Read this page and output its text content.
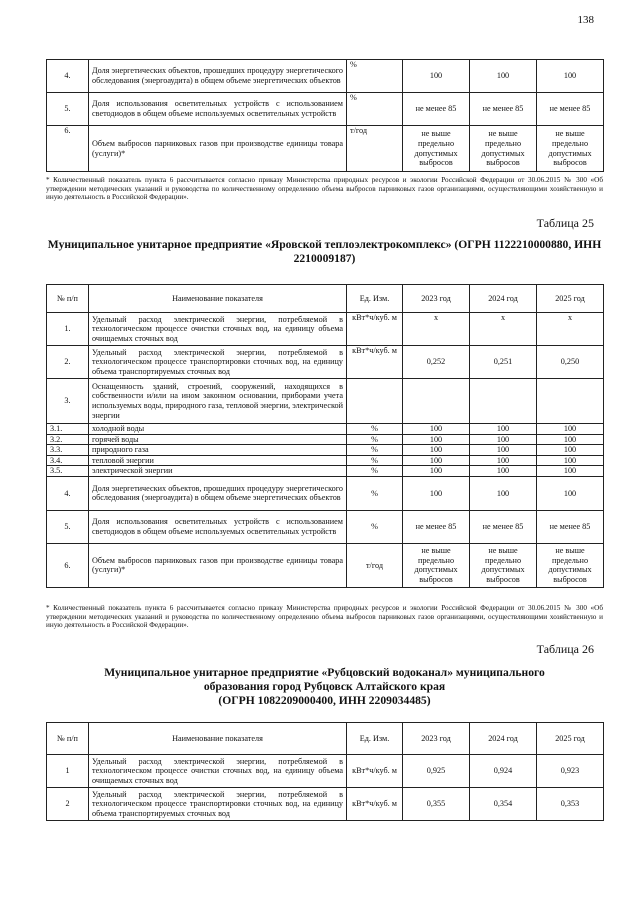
138
4.	Доля энергетических объектов, прошедших процедуру энергетического обследования (энергоаудита) в общем объеме энергетических объектов	%	100	100	100
5.	Доля использования осветительных устройств с использованием светодиодов в общем объеме используемых осветительных устройств	%	не менее 85	не менее 85	не менее 85
6.	Объем выбросов парниковых газов при производстве единицы товара (услуги)*	т/год	не выше предельно допустимых выбросов	не выше предельно допустимых выбросов	не выше предельно допустимых выбросов
* Количественный показатель пункта 6 рассчитывается согласно приказу Министерства природных ресурсов и экологии Российской Федерации от 30.06.2015 № 300 «Об утверждении методических указаний и руководства по количественному определению объема выбросов парниковых газов организациями, осуществляющими хозяйственную и иную деятельность в Российской Федерации».
Таблица 25
Муниципальное унитарное предприятие «Яровской теплоэлектрокомплекс» (ОГРН 1122210000880, ИНН 2210009187)
№ п/п	Наименование показателя	Ед. Изм.	2023 год	2024 год	2025 год
1.	Удельный расход электрической энергии, потребляемой в технологическом процессе очистки сточных вод, на единицу объема очищаемых сточных вод	кВт*ч/куб. м	х	х	х
2.	Удельный расход электрической энергии, потребляемой в технологическом процессе транспортировки сточных вод, на единицу объема транспортируемых сточных вод	кВт*ч/куб. м	0,252	0,251	0,250
3.	Оснащенность зданий, строений, сооружений, находящихся в собственности и/или на ином законном основании, приборами учета используемых воды, природного газа, тепловой энергии, электрической энергии				
3.1.	холодной воды	%	100	100	100
3.2.	горячей воды	%	100	100	100
3.3.	природного газа	%	100	100	100
3.4.	тепловой энергии	%	100	100	100
3.5.	электрической энергии	%	100	100	100
4.	Доля энергетических объектов, прошедших процедуру энергетического обследования (энергоаудита) в общем объеме энергетических объектов	%	100	100	100
5.	Доля использования осветительных устройств с использованием светодиодов в общем объеме используемых осветительных устройств	%	не менее 85	не менее 85	не менее 85
6.	Объем выбросов парниковых газов при производстве единицы товара (услуги)*	т/год	не выше предельно допустимых выбросов	не выше предельно допустимых выбросов	не выше предельно допустимых выбросов
* Количественный показатель пункта 6 рассчитывается согласно приказу Министерства природных ресурсов и экологии Российской Федерации от 30.06.2015 № 300 «Об утверждении методических указаний и руководства по количественному определению объема выбросов парниковых газов организациями, осуществляющими хозяйственную и иную деятельность в Российской Федерации».
Таблица 26
Муниципальное унитарное предприятие «Рубцовский водоканал» муниципального
образования город Рубцовск Алтайского края
(ОГРН 1082209000400, ИНН 2209034485)
№ п/п	Наименование показателя	Ед. Изм.	2023 год	2024 год	2025 год
1	Удельный расход электрической энергии, потребляемой в технологическом процессе очистки сточных вод, на единицу объема очищаемых сточных вод	кВт*ч/куб. м	0,925	0,924	0,923
2	Удельный расход электрической энергии, потребляемой в технологическом процессе транспортировки сточных вод, на единицу объема транспортируемых сточных вод	кВт*ч/куб. м	0,355	0,354	0,353
